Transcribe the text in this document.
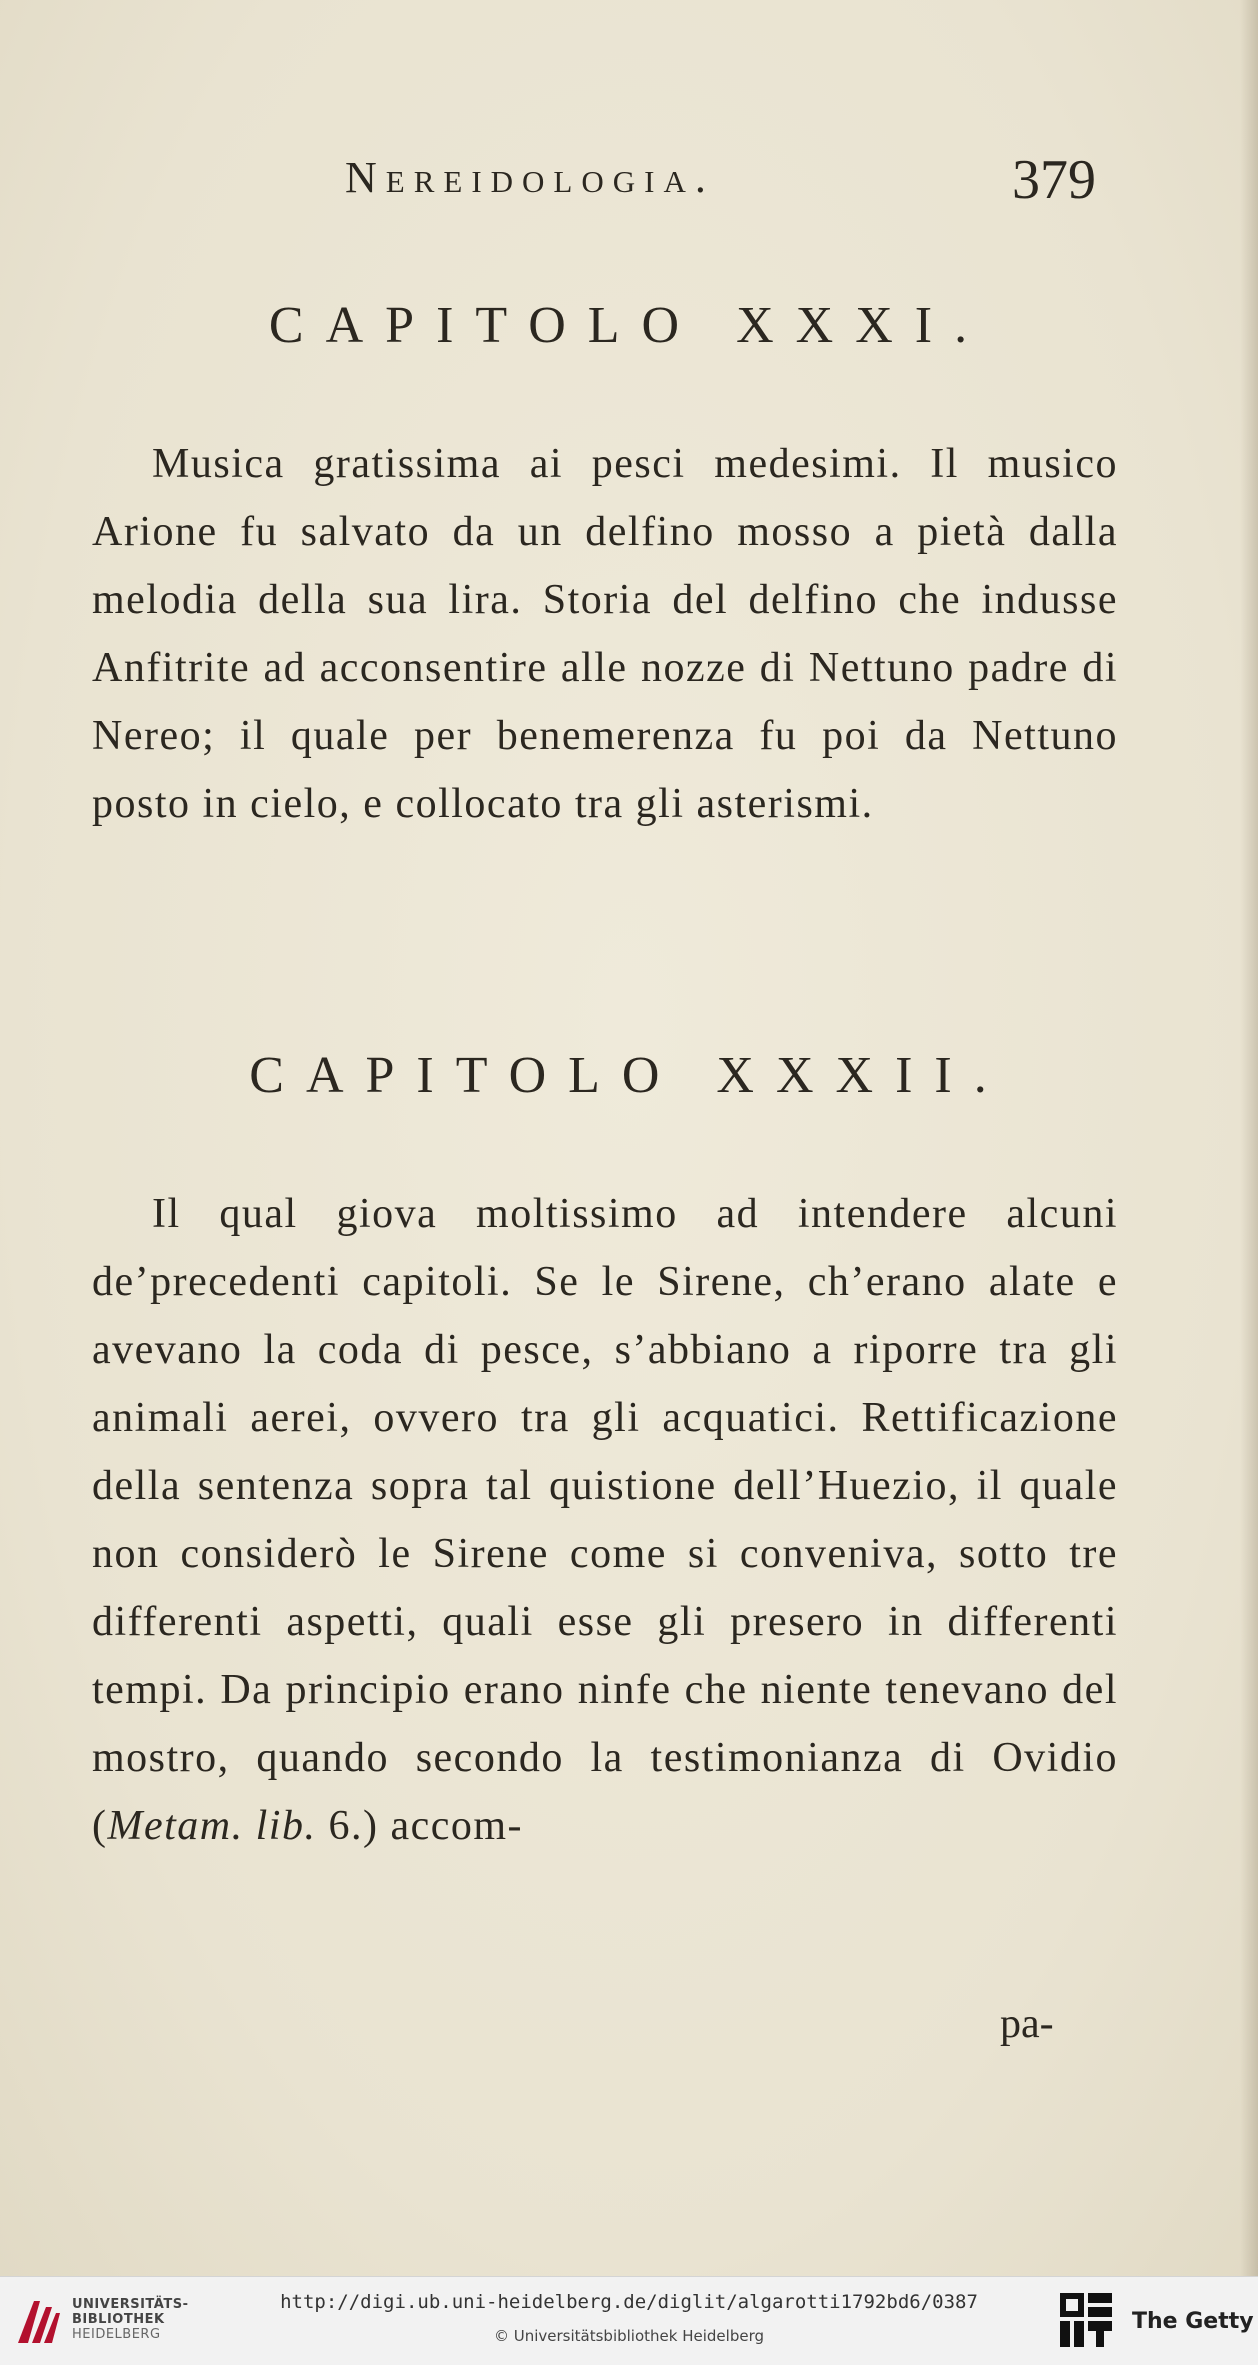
Nereidologia.	379
CAPITOLO XXXI.

Musica gratissima ai pesci medesimi. Il musico Arione fu salvato da un delfino mosso a pietà dalla melodia della sua lira. Storia del delfino che indusse Anfitrite ad acconsentire alle nozze di Nettuno padre di Nereo; il quale per benemerenza fu poi da Nettuno posto in cielo, e collocato tra gli asterismi.

CAPITOLO XXXII.

Il qual giova moltissimo ad intendere alcuni de’precedenti capitoli. Se le Sirene, ch’erano alate e avevano la coda di pesce, s’abbiano a riporre tra gli animali aerei, ovvero tra gli acquatici. Rettificazione della sentenza sopra tal quistione dell’Huezio, il quale non considerò le Sirene come si conveniva, sotto tre differenti aspetti, quali esse gli presero in differenti tempi. Da principio erano ninfe che niente tenevano del mostro, quando secondo la testimonianza di Ovidio (Metam. lib. 6.) accom-

pa-
UNIVERSITÄTS-
BIBLIOTHEK
HEIDELBERG
http://digi.ub.uni-heidelberg.de/diglit/algarotti1792bd6/0387
© Universitätsbibliothek Heidelberg
The Getty
